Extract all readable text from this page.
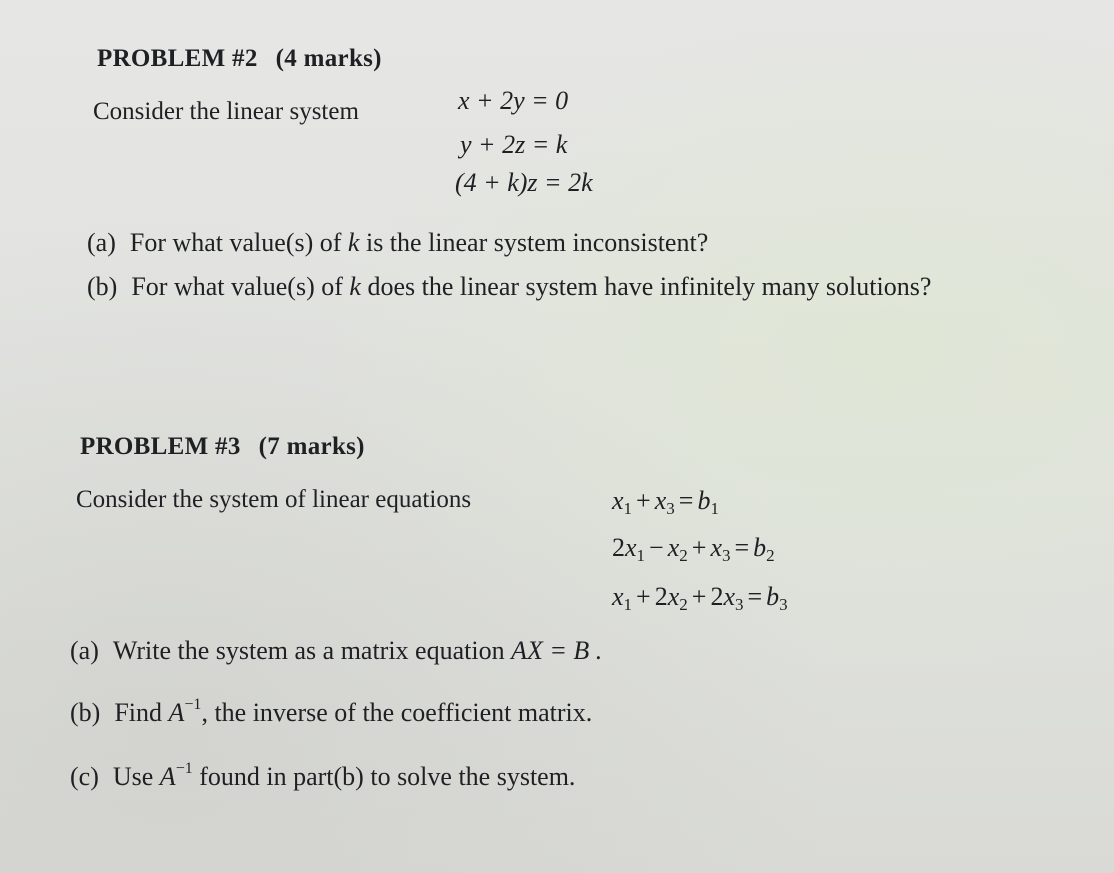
PROBLEM #2 (4 marks)
Consider the linear system	x + 2y = 0
y + 2z = k
(4 + k)z = 2k
(a) For what value(s) of k is the linear system inconsistent?
(b) For what value(s) of k does the linear system have infinitely many solutions?
PROBLEM #3 (7 marks)
Consider the system of linear equations	$x_1 + x_3 = b_1$
$2x_1 - x_2 + x_3 = b_2$
$x_1 + 2x_2 + 2x_3 = b_3$
(a) Write the system as a matrix equation AX = B .
(b) Find $A^{-1}$, the inverse of the coefficient matrix.
(c) Use $A^{-1}$ found in part(b) to solve the system.
